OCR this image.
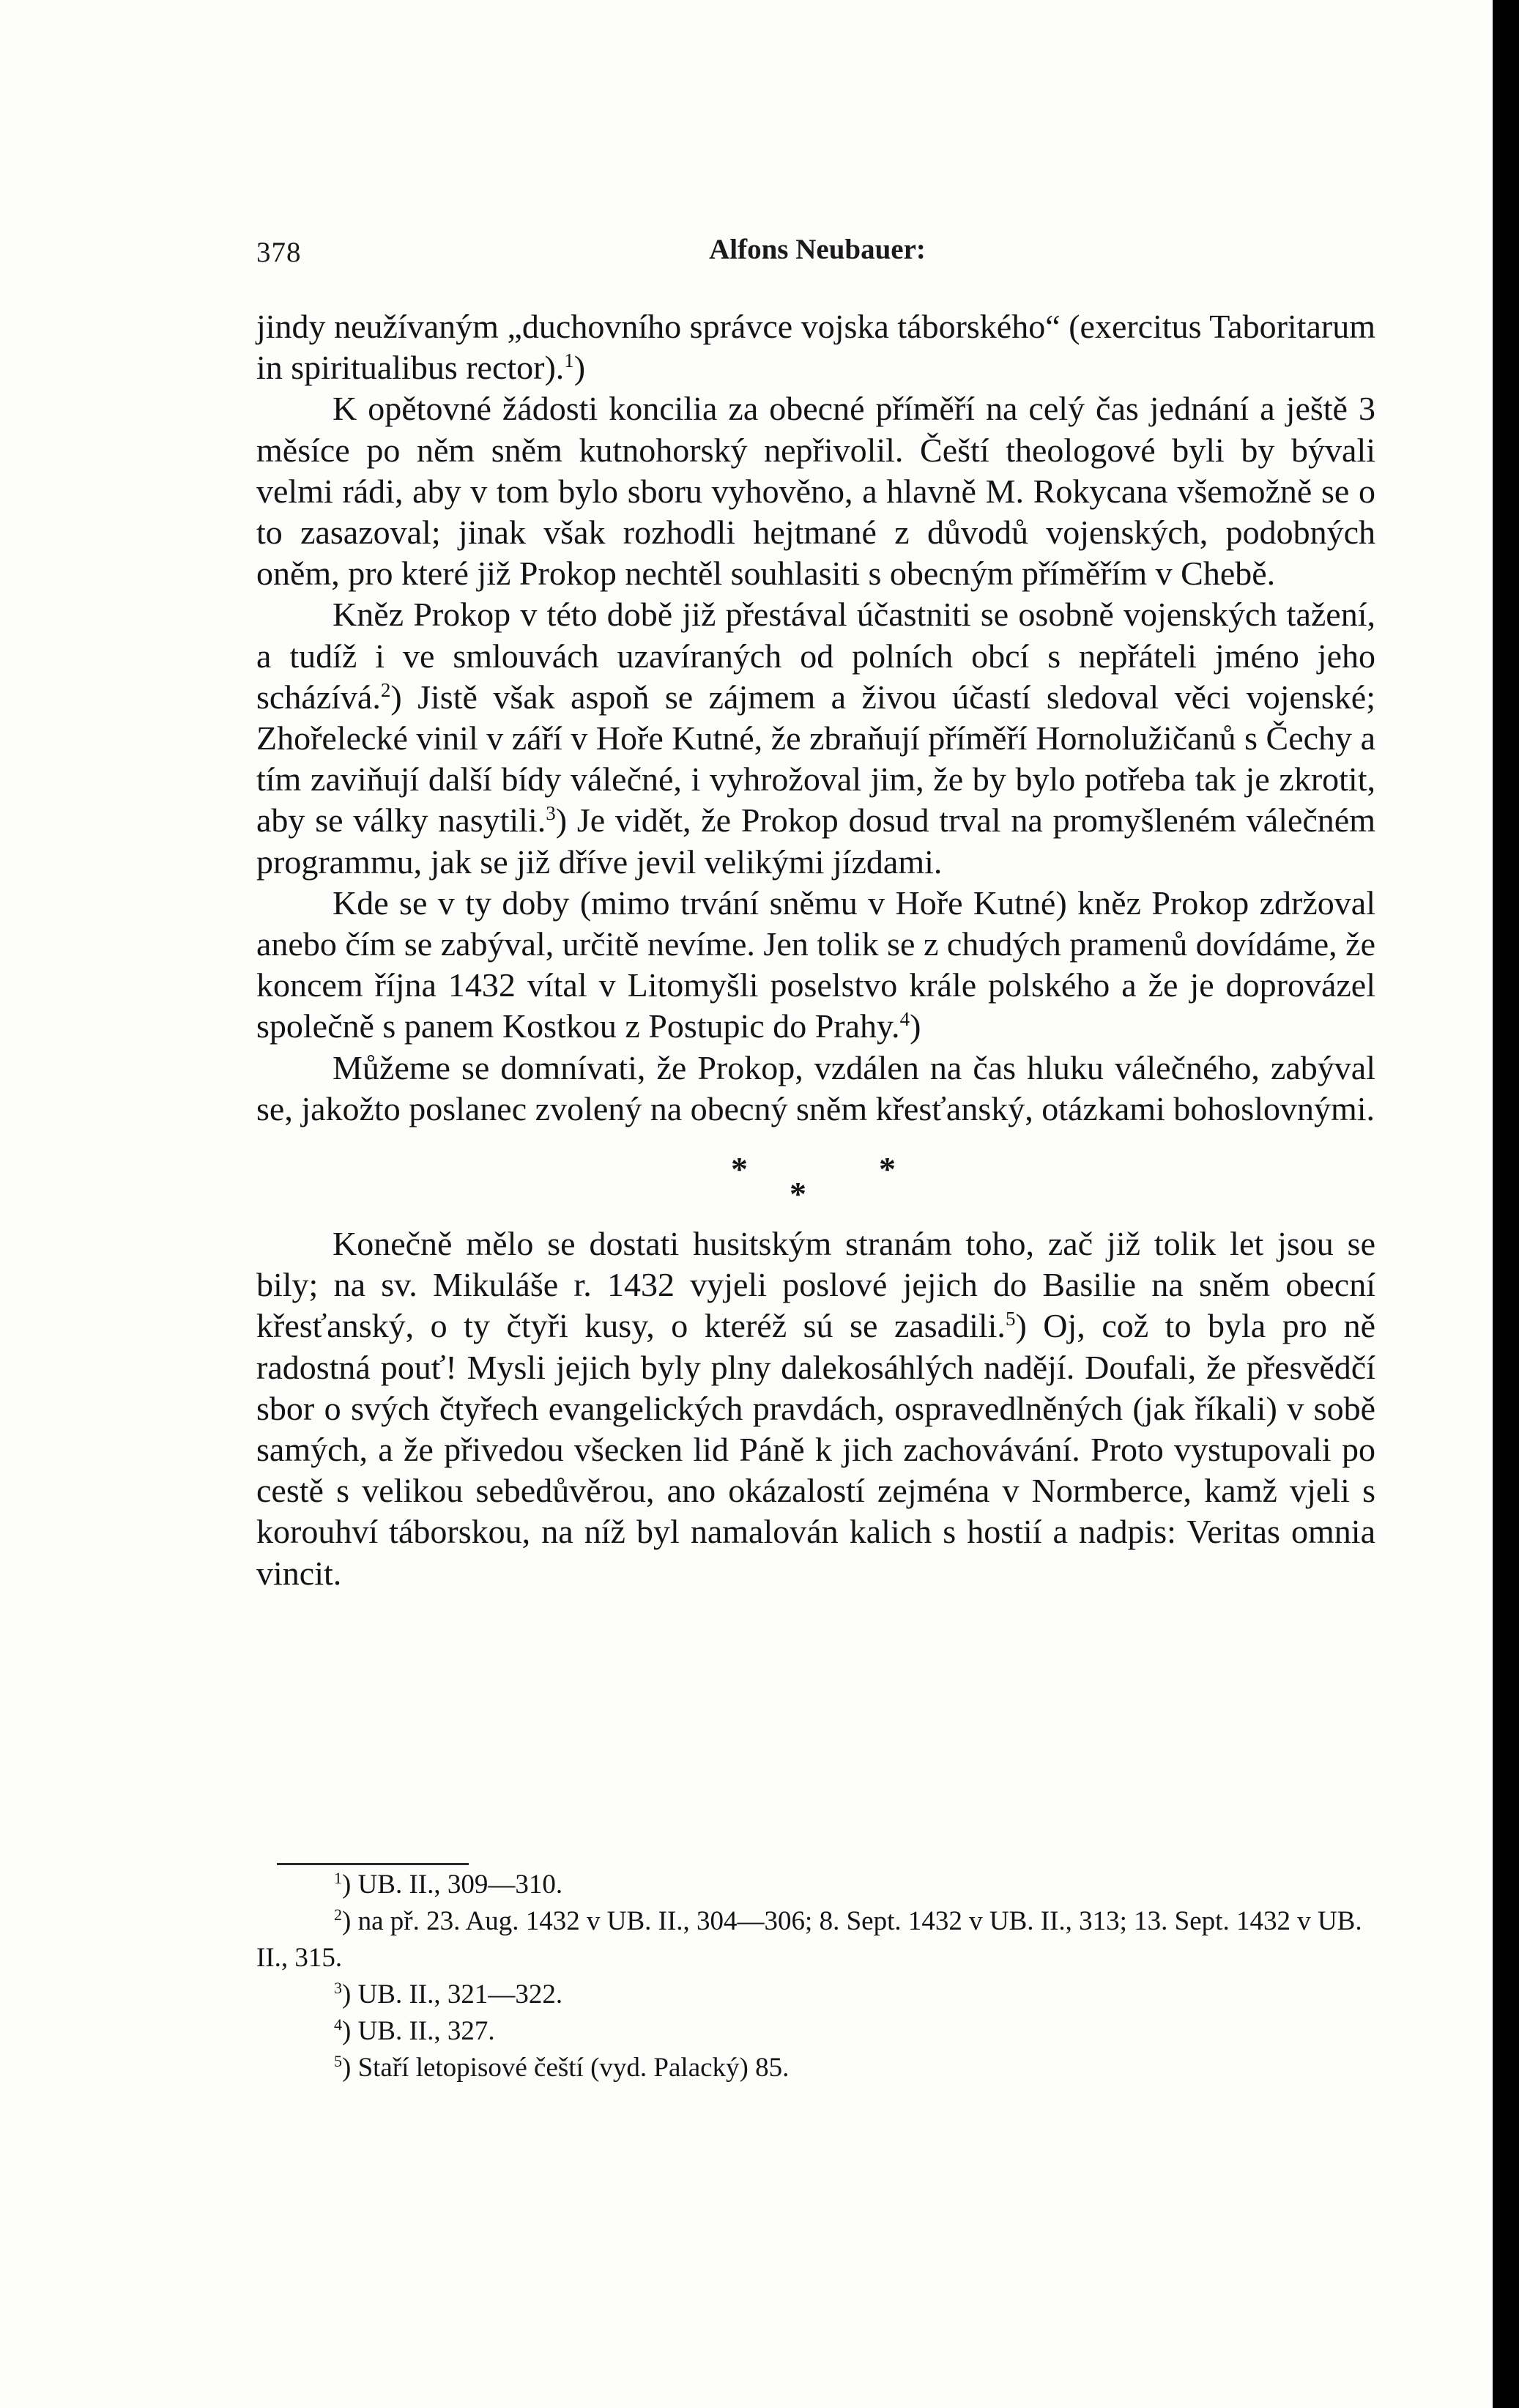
378	Alfons Neubauer:

jindy neužívaným „duchovního správce vojska táborského“ (exercitus Taboritarum in spiritualibus rector).$^1$)

K opětovné žádosti koncilia za obecné příměří na celý čas jednání a ještě 3 měsíce po něm sněm kutnohorský nepřivolil. Čeští theologové byli by bývali velmi rádi, aby v tom bylo sboru vyhověno, a hlavně M. Rokycana všemožně se o to zasazoval; jinak však rozhodli hejtmané z důvodů vojenských, podobných oněm, pro které již Prokop nechtěl souhlasiti s obecným příměřím v Chebě.

Kněz Prokop v této době již přestával účastniti se osobně vojenských tažení, a tudíž i ve smlouvách uzavíraných od polních obcí s nepřáteli jméno jeho scházívá.$^2$) Jistě však aspoň se zájmem a živou účastí sledoval věci vojenské; Zhořelecké vinil v září v Hoře Kutné, že zbraňují příměří Hornolužičanů s Čechy a tím zaviňují další bídy válečné, i vyhrožoval jim, že by bylo potřeba tak je zkrotit, aby se války nasytili.$^3$) Je vidět, že Prokop dosud trval na promyšleném válečném programmu, jak se již dříve jevil velikými jízdami.

Kde se v ty doby (mimo trvání sněmu v Hoře Kutné) kněz Prokop zdržoval anebo čím se zabýval, určitě nevíme. Jen tolik se z chudých pramenů dovídáme, že koncem října 1432 vítal v Litomyšli poselstvo krále polského a že je doprovázel společně s panem Kostkou z Postupic do Prahy.$^4$)

Můžeme se domnívati, že Prokop, vzdálen na čas hluku válečného, zabýval se, jakožto poslanec zvolený na obecný sněm křesťanský, otázkami bohoslovnými.

*
*
*

Konečně mělo se dostati husitským stranám toho, zač již tolik let jsou se bily; na sv. Mikuláše r. 1432 vyjeli poslové jejich do Basilie na sněm obecní křesťanský, o ty čtyři kusy, o kteréž sú se zasadili.$^5$) Oj, což to byla pro ně radostná pouť! Mysli jejich byly plny dalekosáhlých nadějí. Doufali, že přesvědčí sbor o svých čtyřech evangelických pravdách, ospravedlněných (jak říkali) v sobě samých, a že přivedou všecken lid Páně k jich zachovávání. Proto vystupovali po cestě s velikou sebedůvěrou, ano okázalostí zejména v Normberce, kamž vjeli s korouhví táborskou, na níž byl namalován kalich s hostií a nadpis: Veritas omnia vincit.

$^1$) UB. II., 309—310.

$^2$) na př. 23. Aug. 1432 v UB. II., 304—306; 8. Sept. 1432 v UB. II., 313; 13. Sept. 1432 v UB. II., 315.

$^3$) UB. II., 321—322.

$^4$) UB. II., 327.

$^5$) Staří letopisové čeští (vyd. Palacký) 85.
